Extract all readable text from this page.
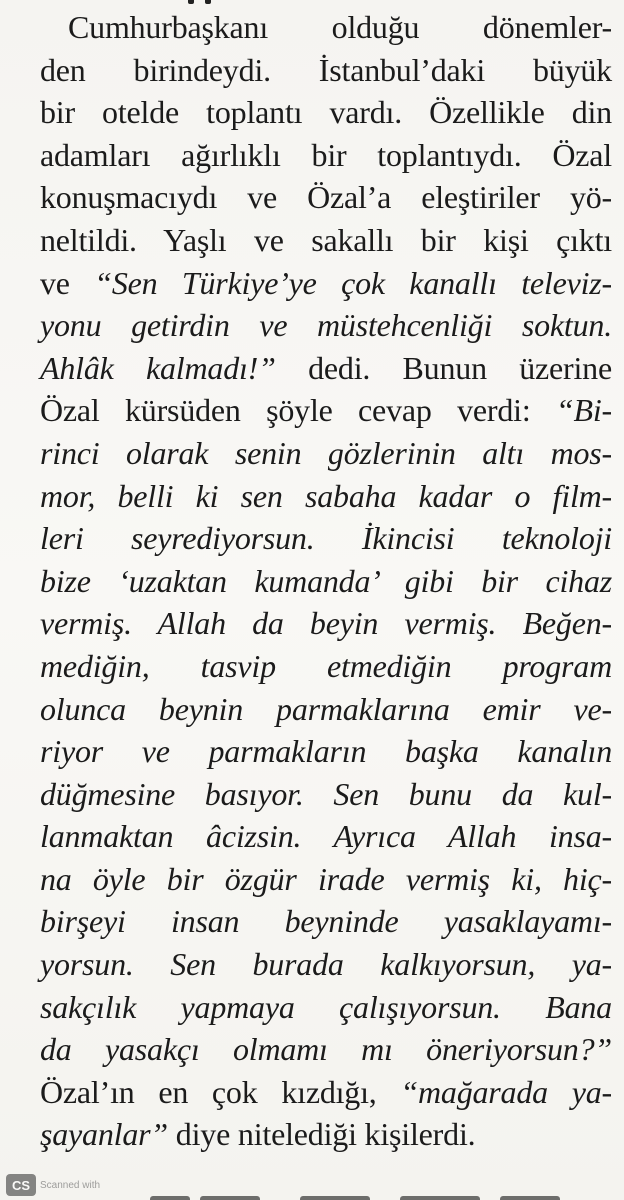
Cumhurbaşkanı olduğu dönemler-
den birindeydi. İstanbul’daki büyük
bir otelde toplantı vardı. Özellikle din
adamları ağırlıklı bir toplantıydı. Özal
konuşmacıydı ve Özal’a eleştiriler yö-
neltildi. Yaşlı ve sakallı bir kişi çıktı
ve “Sen Türkiye’ye çok kanallı televiz-
yonu getirdin ve müstehcenliği soktun.
Ahlâk kalmadı!” dedi. Bunun üzerine
Özal kürsüden şöyle cevap verdi: “Bi-
rinci olarak senin gözlerinin altı mos-
mor, belli ki sen sabaha kadar o film-
leri seyrediyorsun. İkincisi teknoloji
bize ‘uzaktan kumanda’ gibi bir cihaz
vermiş. Allah da beyin vermiş. Beğen-
mediğin, tasvip etmediğin program
olunca beynin parmaklarına emir ve-
riyor ve parmakların başka kanalın
düğmesine basıyor. Sen bunu da kul-
lanmaktan âcizsin. Ayrıca Allah insa-
na öyle bir özgür irade vermiş ki, hiç-
birşeyi insan beyninde yasaklayamı-
yorsun. Sen burada kalkıyorsun, ya-
sakçılık yapmaya çalışıyorsun. Bana
da yasakçı olmamı mı öneriyorsun?”
Özal’ın en çok kızdığı, “mağarada ya-
şayanlar” diye nitelediği kişilerdi.
CS Scanned with
